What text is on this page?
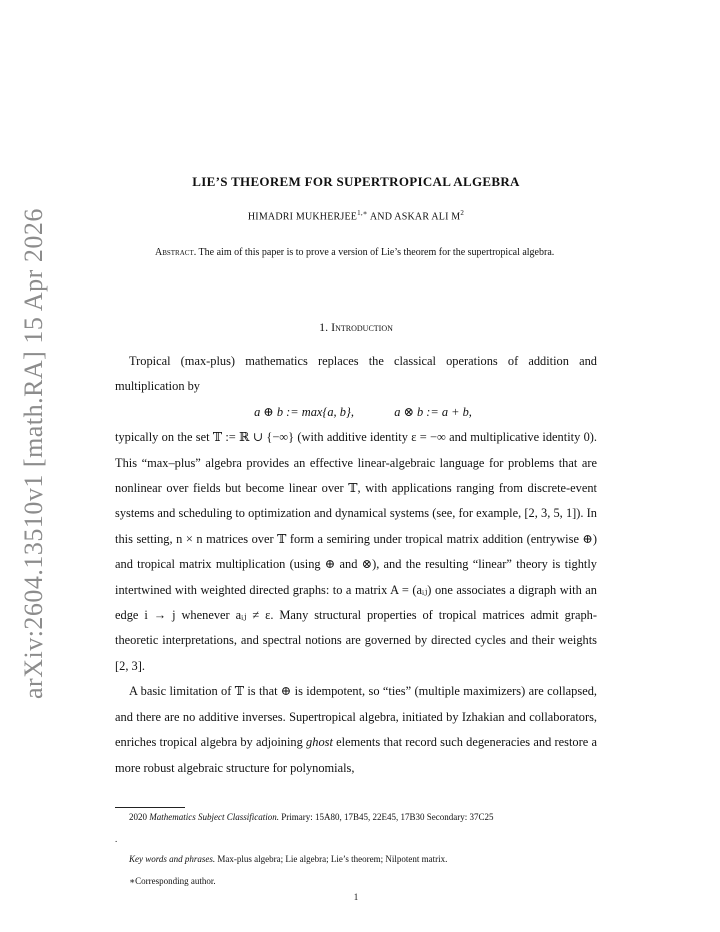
arXiv:2604.13510v1 [math.RA] 15 Apr 2026
LIE’S THEOREM FOR SUPERTROPICAL ALGEBRA
HIMADRI $MUKHERJEE^{1,∗}$ AND ASKAR ALI $M^2$
Abstract. The aim of this paper is to prove a version of Lie’s theorem for the supertropical algebra.
1. Introduction

Tropical (max-plus) mathematics replaces the classical operations of addition and multiplication by

a ⊕ b := max{a, b},	a ⊗ b := a + b,

typically on the set 𝕋 := ℝ ∪ {−∞} (with additive identity ε = −∞ and multiplicative identity 0). This “max–plus” algebra provides an effective linear-algebraic language for problems that are nonlinear over fields but become linear over 𝕋, with applications ranging from discrete-event systems and scheduling to optimization and dynamical systems (see, for example, [2, 3, 5, 1]). In this setting, n × n matrices over 𝕋 form a semiring under tropical matrix addition (entrywise ⊕) and tropical matrix multiplication (using ⊕ and ⊗), and the resulting “linear” theory is tightly intertwined with weighted directed graphs: to a matrix A = (aᵢⱼ) one associates a digraph with an edge i → j whenever aᵢⱼ ≠ ε. Many structural properties of tropical matrices admit graph-theoretic interpretations, and spectral notions are governed by directed cycles and their weights [2, 3].

A basic limitation of 𝕋 is that ⊕ is idempotent, so “ties” (multiple maximizers) are collapsed, and there are no additive inverses. Supertropical algebra, initiated by Izhakian and collaborators, enriches tropical algebra by adjoining ghost elements that record such degeneracies and restore a more robust algebraic structure for polynomials,

2020 Mathematics Subject Classification. Primary: 15A80, 17B45, 22E45, 17B30 Secondary: 37C25
.
Key words and phrases. Max-plus algebra; Lie algebra; Lie’s theorem; Nilpotent matrix.
∗Corresponding author.
1
